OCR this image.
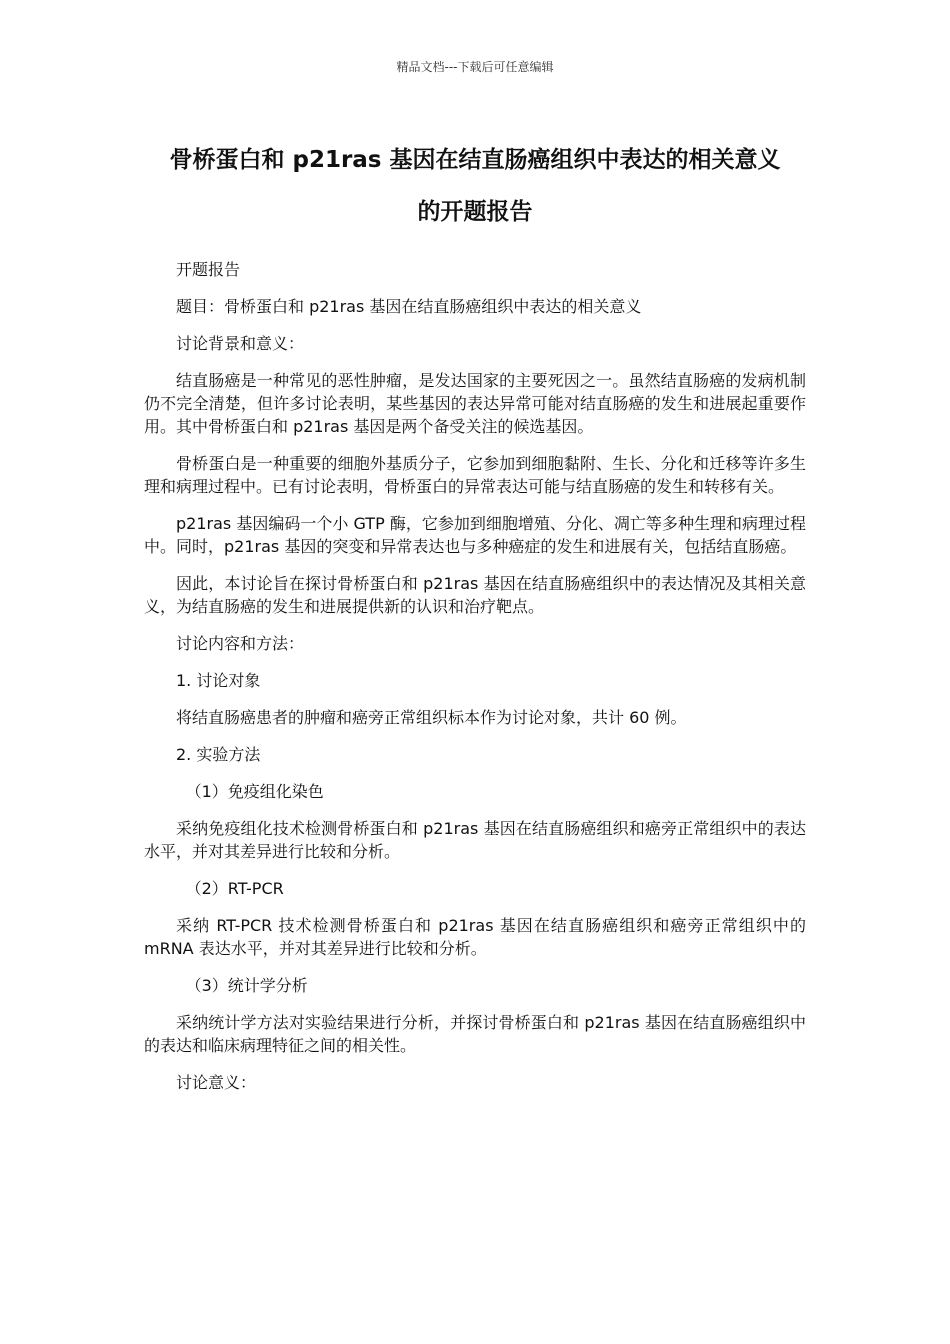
精品文档---下载后可任意编辑
骨桥蛋白和 p21ras 基因在结直肠癌组织中表达的相关意义
的开题报告

开题报告

题目：骨桥蛋白和 p21ras 基因在结直肠癌组织中表达的相关意义

讨论背景和意义：

结直肠癌是一种常见的恶性肿瘤，是发达国家的主要死因之一。虽然结直肠癌的发病机制仍不完全清楚，但许多讨论表明，某些基因的表达异常可能对结直肠癌的发生和进展起重要作用。其中骨桥蛋白和 p21ras 基因是两个备受关注的候选基因。

骨桥蛋白是一种重要的细胞外基质分子，它参加到细胞黏附、生长、分化和迁移等许多生理和病理过程中。已有讨论表明，骨桥蛋白的异常表达可能与结直肠癌的发生和转移有关。

p21ras 基因编码一个小 GTP 酶，它参加到细胞增殖、分化、凋亡等多种生理和病理过程中。同时，p21ras 基因的突变和异常表达也与多种癌症的发生和进展有关，包括结直肠癌。

因此，本讨论旨在探讨骨桥蛋白和 p21ras 基因在结直肠癌组织中的表达情况及其相关意义，为结直肠癌的发生和进展提供新的认识和治疗靶点。

讨论内容和方法：

1. 讨论对象

将结直肠癌患者的肿瘤和癌旁正常组织标本作为讨论对象，共计 60 例。

2. 实验方法

（1）免疫组化染色

采纳免疫组化技术检测骨桥蛋白和 p21ras 基因在结直肠癌组织和癌旁正常组织中的表达水平，并对其差异进行比较和分析。

（2）RT-PCR

采纳 RT-PCR 技术检测骨桥蛋白和 p21ras 基因在结直肠癌组织和癌旁正常组织中的 mRNA 表达水平，并对其差异进行比较和分析。

（3）统计学分析

采纳统计学方法对实验结果进行分析，并探讨骨桥蛋白和 p21ras 基因在结直肠癌组织中的表达和临床病理特征之间的相关性。

讨论意义：
